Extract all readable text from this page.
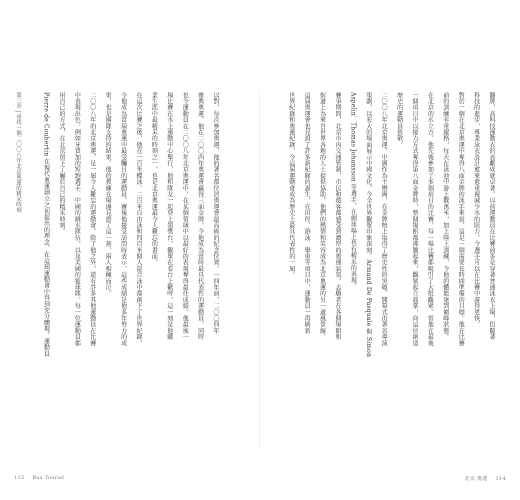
第三章 | 尋找一個二〇〇八年北京奧運的精采時刻	以對，每次參加奧運，他的著名都位居奧運會最高級的紀念位置。一四年前，二〇〇四年
雅典奧運，他在二〇〇四年奧運會贏得三面金牌，令他成為當時最具代表性的運動員，同時
也令運動員在二〇〇八年北京奧運中，在某個領域中以最好的表現奪得最佳成績。他最後一
場比賽在水上運動中心舉行，他和隊友一起登上領獎台，觀眾在看台上歡呼，這一刻是他職
業生涯中最精采的時刻之一，也是北京奧運最令人難忘的畫面。
在這次比賽之後，他在一百米蝶泳、二百米自由泳和四百米個人混合泳中都創下了世界紀錄，
令他成為當屆奧運中最受矚目的運動員。賽後他接受訪問時表示，這些成績是他多年努力的成
果，也是團隊支持的結果。他的教練在場邊見證了這一刻，兩人相擁而泣。
二〇〇八年的北京奧運，是一屆令人難忘的運動會。除了他之外，還有許多其他運動員在比賽
中表現出色，例如牙買加的短跑選手、中國的跳水隊伍，以及美國的籃球隊。每一位運動員都
用自己的方式，在北京留下了屬於自己的精采時刻。
Pierre de Coubertin 在現代奧運創立之初提出的理念，在這屆運動會中得到充分體現。運動員
115 Bus Tourist
翻牌，高科技運動衣的貢獻成就卓著。以前運動員在比賽前多是穿著普通泳衣上場，但隨著
科技的進步，專業泳衣設計愈來愈重視減少水的阻力，令選手可以在比賽中游得更快。
對於一個在北京奧運中奪得八面金牌的泳手來說，這是一個需要長時間準備的目標。他在比賽
前的訓練非常嚴格，每天在泳池中游上數萬米，加上陸上訓練，令他的體能達到巔峰狀態。
在北京的水立方，他先後參加了多個項目的比賽，每一場比賽都吸引了大批觀眾。當他在最後
一個項目中以接力方式奪得第八面金牌時，整個場館都沸騰起來，觀眾起立鼓掌，向這位創造
歷史的運動員致敬。
二〇〇八年北京奧運，中國作為主辦國，在金牌榜上取得了歷史性的突破。開幕式由著名導演
策劃，以宏大的場面展示中國文化，令全世界觀眾印象深刻。Armand De Pasquale 與 Simon
Aspelin、Thomas Johansson 等選手，在網球場上也有精采的表現。
賽事期間，北京市內交通管制，市民和遊客都感受到濃厚的奧運氣氛。志願者在各個場館和
街道上為來自世界各地的人士提供協助，他們的熱情和笑容成為北京奧運的另一道風景線。
這屆奧運會也見證了許多新紀錄的誕生，在田徑、游泳、舉重等項目中，運動員一再刷新
世界紀錄和奧運紀錄，令這屆運動會成為歷史上最具代表性的一屆。
北京·奧運 114
